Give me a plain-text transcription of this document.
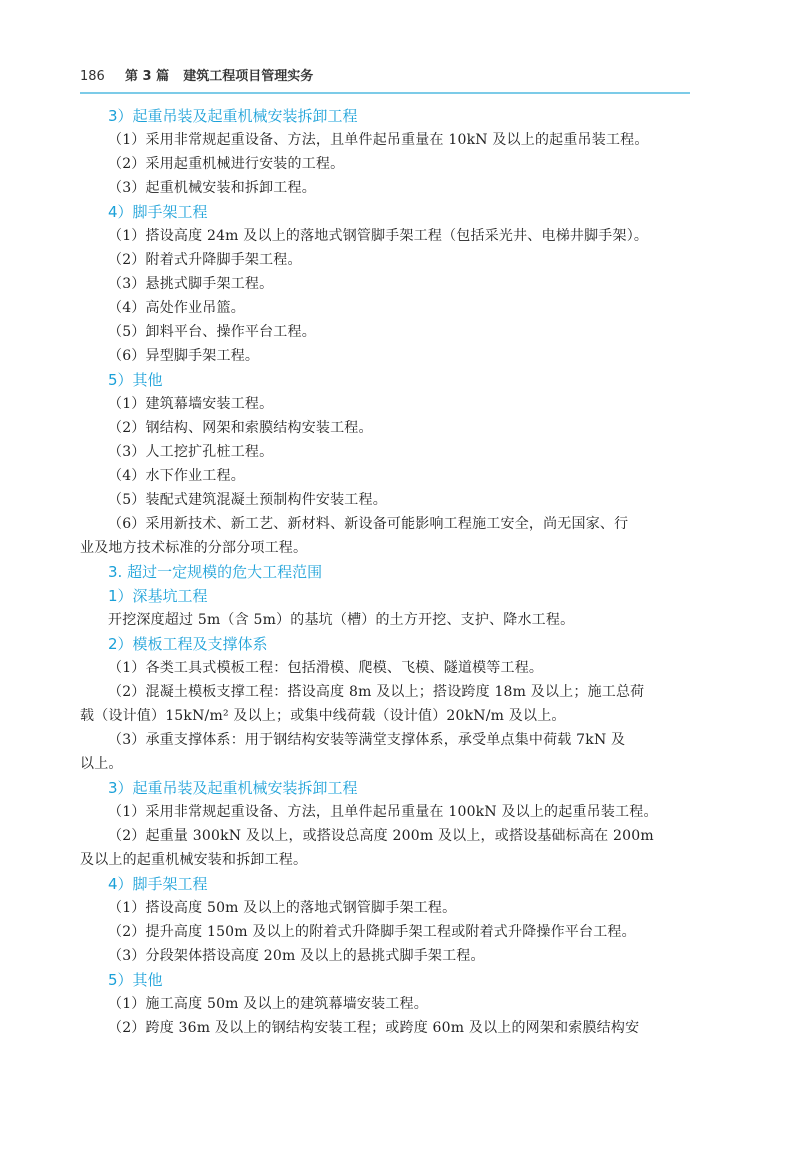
186 第 3 篇 建筑工程项目管理实务
3）起重吊装及起重机械安装拆卸工程
（1）采用非常规起重设备、方法，且单件起吊重量在 10kN 及以上的起重吊装工程。
（2）采用起重机械进行安装的工程。
（3）起重机械安装和拆卸工程。
4）脚手架工程
（1）搭设高度 24m 及以上的落地式钢管脚手架工程（包括采光井、电梯井脚手架）。
（2）附着式升降脚手架工程。
（3）悬挑式脚手架工程。
（4）高处作业吊篮。
（5）卸料平台、操作平台工程。
（6）异型脚手架工程。
5）其他
（1）建筑幕墙安装工程。
（2）钢结构、网架和索膜结构安装工程。
（3）人工挖扩孔桩工程。
（4）水下作业工程。
（5）装配式建筑混凝土预制构件安装工程。
（6）采用新技术、新工艺、新材料、新设备可能影响工程施工安全，尚无国家、行
业及地方技术标准的分部分项工程。
3. 超过一定规模的危大工程范围
1）深基坑工程
开挖深度超过 5m（含 5m）的基坑（槽）的土方开挖、支护、降水工程。
2）模板工程及支撑体系
（1）各类工具式模板工程：包括滑模、爬模、飞模、隧道模等工程。
（2）混凝土模板支撑工程：搭设高度 8m 及以上；搭设跨度 18m 及以上；施工总荷
载（设计值）15kN/m² 及以上；或集中线荷载（设计值）20kN/m 及以上。
（3）承重支撑体系：用于钢结构安装等满堂支撑体系，承受单点集中荷载 7kN 及
以上。
3）起重吊装及起重机械安装拆卸工程
（1）采用非常规起重设备、方法，且单件起吊重量在 100kN 及以上的起重吊装工程。
（2）起重量 300kN 及以上，或搭设总高度 200m 及以上，或搭设基础标高在 200m
及以上的起重机械安装和拆卸工程。
4）脚手架工程
（1）搭设高度 50m 及以上的落地式钢管脚手架工程。
（2）提升高度 150m 及以上的附着式升降脚手架工程或附着式升降操作平台工程。
（3）分段架体搭设高度 20m 及以上的悬挑式脚手架工程。
5）其他
（1）施工高度 50m 及以上的建筑幕墙安装工程。
（2）跨度 36m 及以上的钢结构安装工程；或跨度 60m 及以上的网架和索膜结构安
